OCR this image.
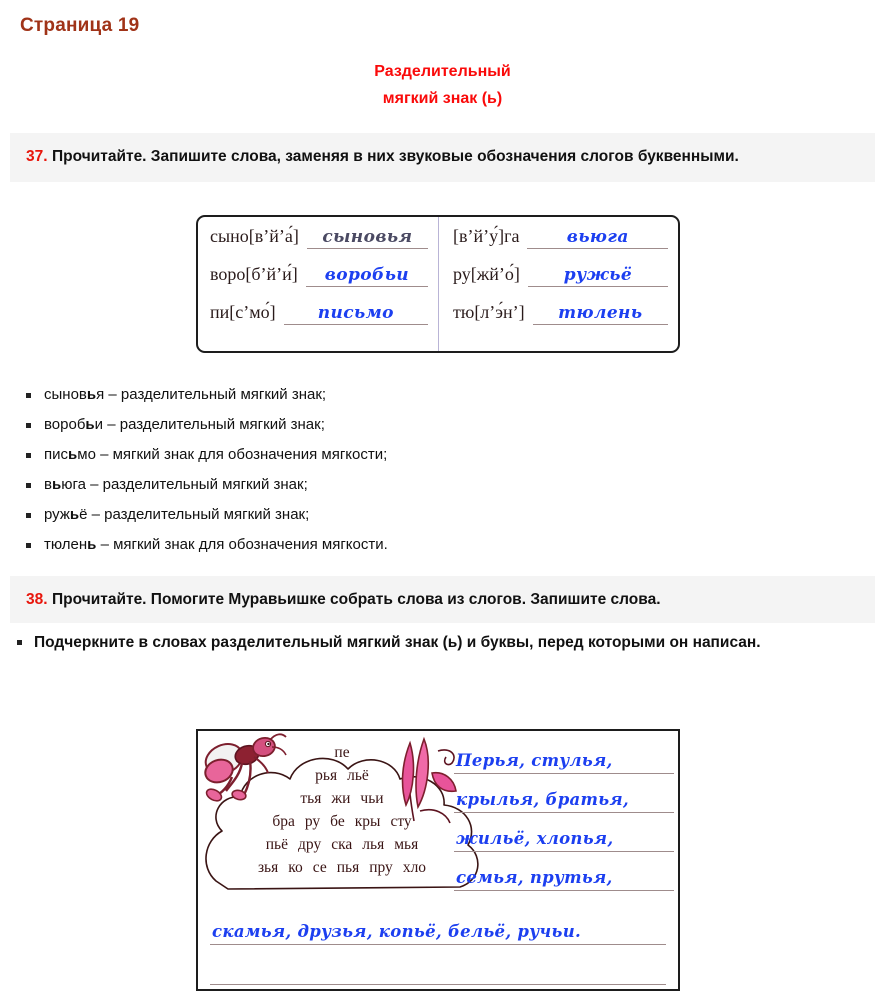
Страница 19
Разделительный
мягкий знак (ь)
37. Прочитайте. Запишите слова, заменяя в них звуковые обозначения слогов буквенными.
сыно[в’й’а́]	сыновья
воро[б’й’и́]	воробьи
пи[с’мо́]	письмо
[в’й’у́]га	вьюга
ру[жй’о́]	ружьё
тю[л’э́н’]	тюлень
сыновья – разделительный мягкий знак;
воробьи – разделительный мягкий знак;
письмо – мягкий знак для обозначения мягкости;
вьюга – разделительный мягкий знак;
ружьё – разделительный мягкий знак;
тюлень – мягкий знак для обозначения мягкости.
38. Прочитайте. Помогите Муравьишке собрать слова из слогов. Запишите слова.
Подчеркните в словах разделительный мягкий знак (ь) и буквы, перед которыми он написан.
пе
рья льё
тья жи чьи
бра ру бе кры сту
пьё дру ска лья мья
зья ко се пья пру хло
Перья, стулья,
крылья, братья,
жильё, хлопья,
семья, прутья,
скамья, друзья, копьё, бельё, ручьи.
